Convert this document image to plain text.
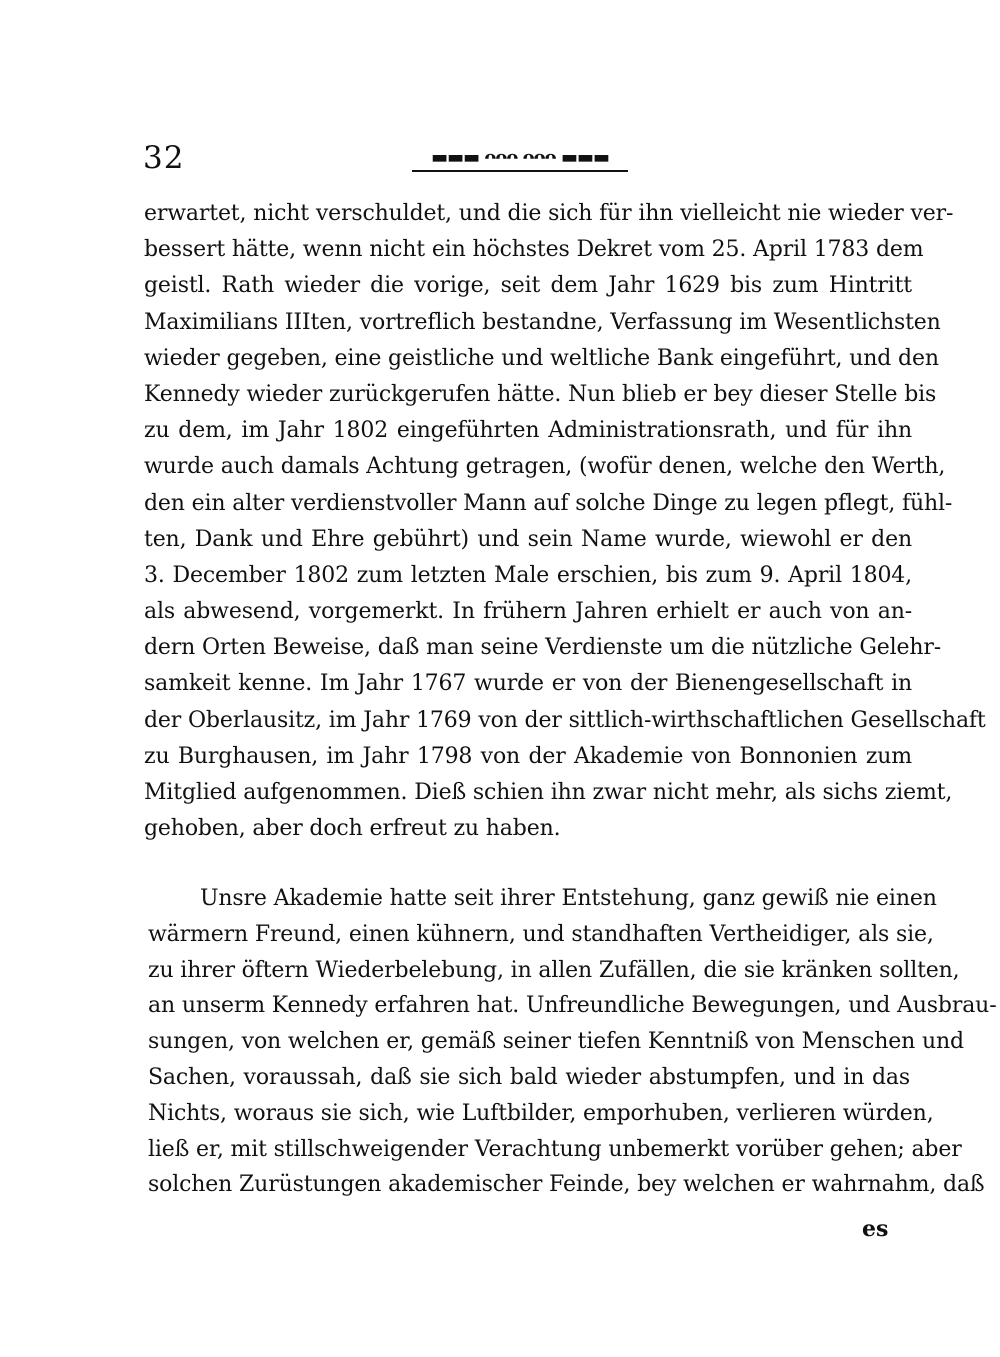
32	▬▬▬ ᴖᴖᴖ ᴖᴖᴖ ▬▬▬
erwartet, nicht verschuldet, und die sich für ihn vielleicht nie wieder ver-
bessert hätte, wenn nicht ein höchstes Dekret vom 25. April 1783 dem
geistl. Rath wieder die vorige, seit dem Jahr 1629 bis zum Hintritt
Maximilians IIIten, vortreflich bestandne, Verfassung im Wesentlichsten
wieder gegeben, eine geistliche und weltliche Bank eingeführt, und den
Kennedy wieder zurückgerufen hätte. Nun blieb er bey dieser Stelle bis
zu dem, im Jahr 1802 eingeführten Administrationsrath, und für ihn
wurde auch damals Achtung getragen, (wofür denen, welche den Werth,
den ein alter verdienstvoller Mann auf solche Dinge zu legen pflegt, fühl-
ten, Dank und Ehre gebührt) und sein Name wurde, wiewohl er den
3. December 1802 zum letzten Male erschien, bis zum 9. April 1804,
als abwesend, vorgemerkt. In frühern Jahren erhielt er auch von an-
dern Orten Beweise, daß man seine Verdienste um die nützliche Gelehr-
samkeit kenne. Im Jahr 1767 wurde er von der Bienengesellschaft in
der Oberlausitz, im Jahr 1769 von der sittlich-wirthschaftlichen Gesellschaft
zu Burghausen, im Jahr 1798 von der Akademie von Bonnonien zum
Mitglied aufgenommen. Dieß schien ihn zwar nicht mehr, als sichs ziemt,
gehoben, aber doch erfreut zu haben.
Unsre Akademie hatte seit ihrer Entstehung, ganz gewiß nie einen
wärmern Freund, einen kühnern, und standhaften Vertheidiger, als sie,
zu ihrer öftern Wiederbelebung, in allen Zufällen, die sie kränken sollten,
an unserm Kennedy erfahren hat. Unfreundliche Bewegungen, und Ausbrau-
sungen, von welchen er, gemäß seiner tiefen Kenntniß von Menschen und
Sachen, voraussah, daß sie sich bald wieder abstumpfen, und in das
Nichts, woraus sie sich, wie Luftbilder, emporhuben, verlieren würden,
ließ er, mit stillschweigender Verachtung unbemerkt vorüber gehen; aber
solchen Zurüstungen akademischer Feinde, bey welchen er wahrnahm, daß
es
